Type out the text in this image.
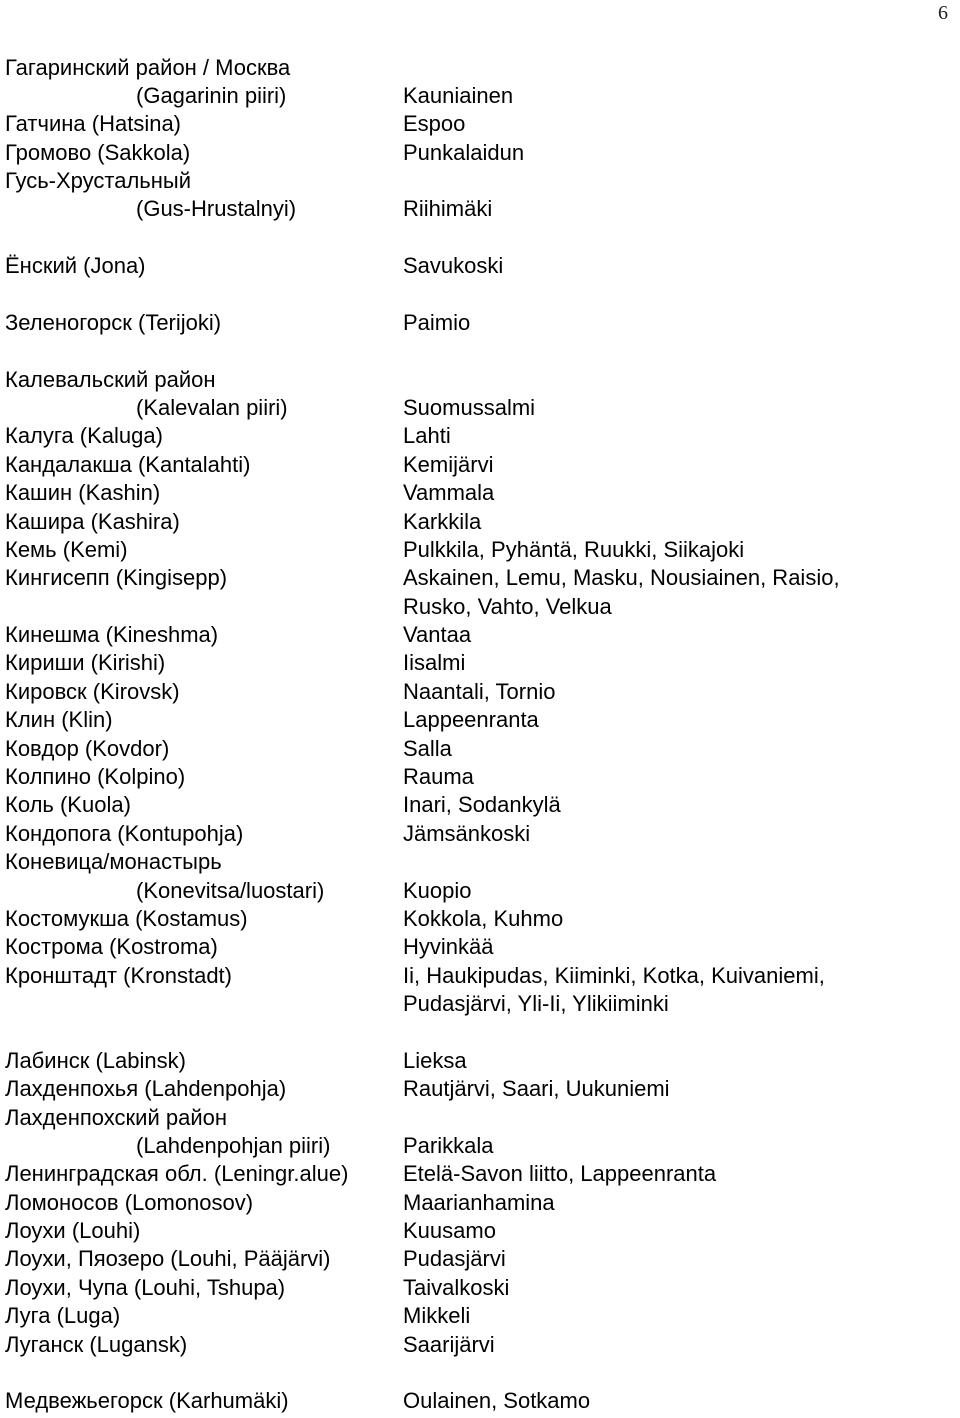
6
Гагаринский район / Москва
(Gagarinin piiri)	Kauniainen
Гатчина (Hatsina)	Espoo
Громово (Sakkola)	Punkalaidun
Гусь-Хрустальный
(Gus-Hrustalnyi)	Riihimäki
Ёнский (Jona)	Savukoski
Зеленогорск (Terijoki)	Paimio
Калевальский район
(Kalevalan piiri)	Suomussalmi
Калуга (Kaluga)	Lahti
Кандалакша (Kantalahti)	Kemijärvi
Кашин (Kashin)	Vammala
Кашира (Kashira)	Karkkila
Кемь (Kemi)	Pulkkila, Pyhäntä, Ruukki, Siikajoki
Кингисепп (Kingisepp)	Askainen, Lemu, Masku, Nousiainen, Raisio,
Rusko, Vahto, Velkua
Кинешма (Kineshma)	Vantaa
Кириши (Kirishi)	Iisalmi
Кировск (Kirovsk)	Naantali, Tornio
Клин (Klin)	Lappeenranta
Ковдор (Kovdor)	Salla
Колпино (Kolpino)	Rauma
Коль (Kuola)	Inari, Sodankylä
Кондопога (Kontupohja)	Jämsänkoski
Коневица/монастырь
(Konevitsa/luostari)	Kuopio
Костомукша (Kostamus)	Kokkola, Kuhmo
Кострома (Kostroma)	Hyvinkää
Кронштадт (Kronstadt)	Ii, Haukipudas, Kiiminki, Kotka, Kuivaniemi,
Pudasjärvi, Yli-Ii, Ylikiiminki
Лабинск (Labinsk)	Lieksa
Лахденпохья (Lahdenpohja)	Rautjärvi, Saari, Uukuniemi
Лахденпохский район
(Lahdenpohjan piiri)	Parikkala
Ленинградская обл. (Leningr.alue) Etelä-Savon liitto, Lappeenranta
Ломоносов (Lomonosov)	Maarianhamina
Лоухи (Louhi)	Kuusamo
Лоухи, Пяозеро (Louhi, Pääjärvi)	Pudasjärvi
Лоухи, Чупа (Louhi, Tshupa)	Taivalkoski
Луга (Luga)	Mikkeli
Луганск (Lugansk)	Saarijärvi
Медвежьегорск (Karhumäki)	Oulainen, Sotkamo
